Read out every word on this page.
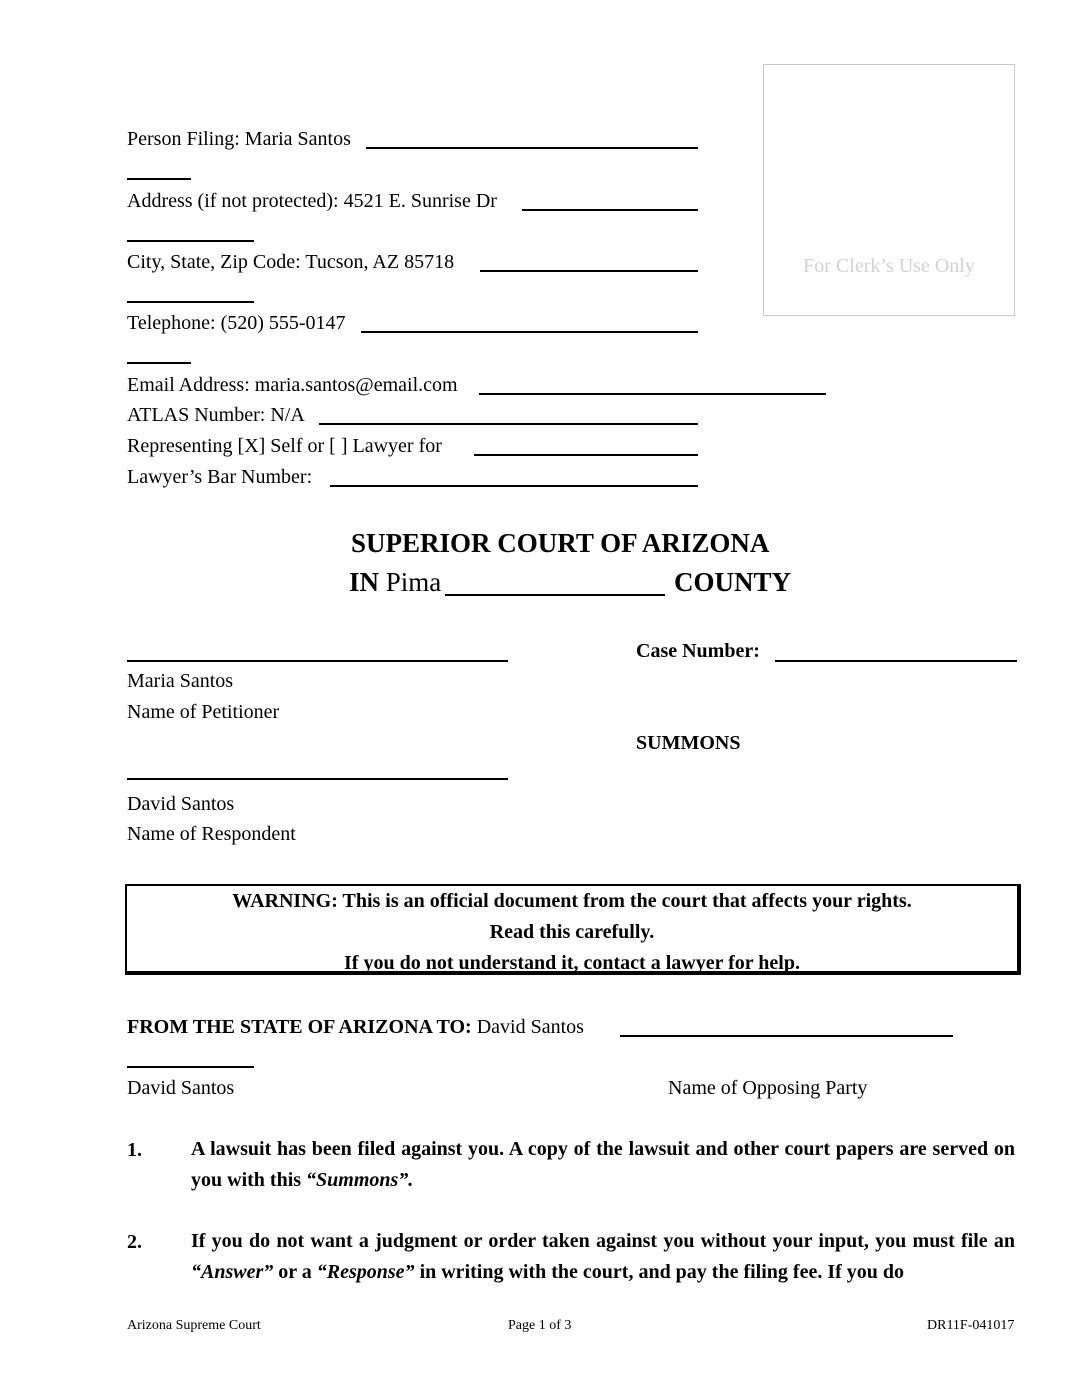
For Clerk’s Use Only
Person Filing: Maria Santos
Address (if not protected): 4521 E. Sunrise Dr
City, State, Zip Code: Tucson, AZ 85718
Telephone: (520) 555-0147
Email Address: maria.santos@email.com
ATLAS Number: N/A
Representing [X] Self or [ ] Lawyer for
Lawyer’s Bar Number:
SUPERIOR COURT OF ARIZONA
IN Pima	COUNTY
Case Number:
Maria Santos
Name of Petitioner
SUMMONS
David Santos
Name of Respondent
WARNING: This is an official document from the court that affects your rights.
Read this carefully.
If you do not understand it, contact a lawyer for help.
FROM THE STATE OF ARIZONA TO: David Santos
David Santos	Name of Opposing Party
1. A lawsuit has been filed against you. A copy of the lawsuit and other court papers are served on you with this “Summons”.
2. If you do not want a judgment or order taken against you without your input, you must file an “Answer” or a “Response” in writing with the court, and pay the filing fee. If you do
Arizona Supreme Court	Page 1 of 3	DR11F-041017
